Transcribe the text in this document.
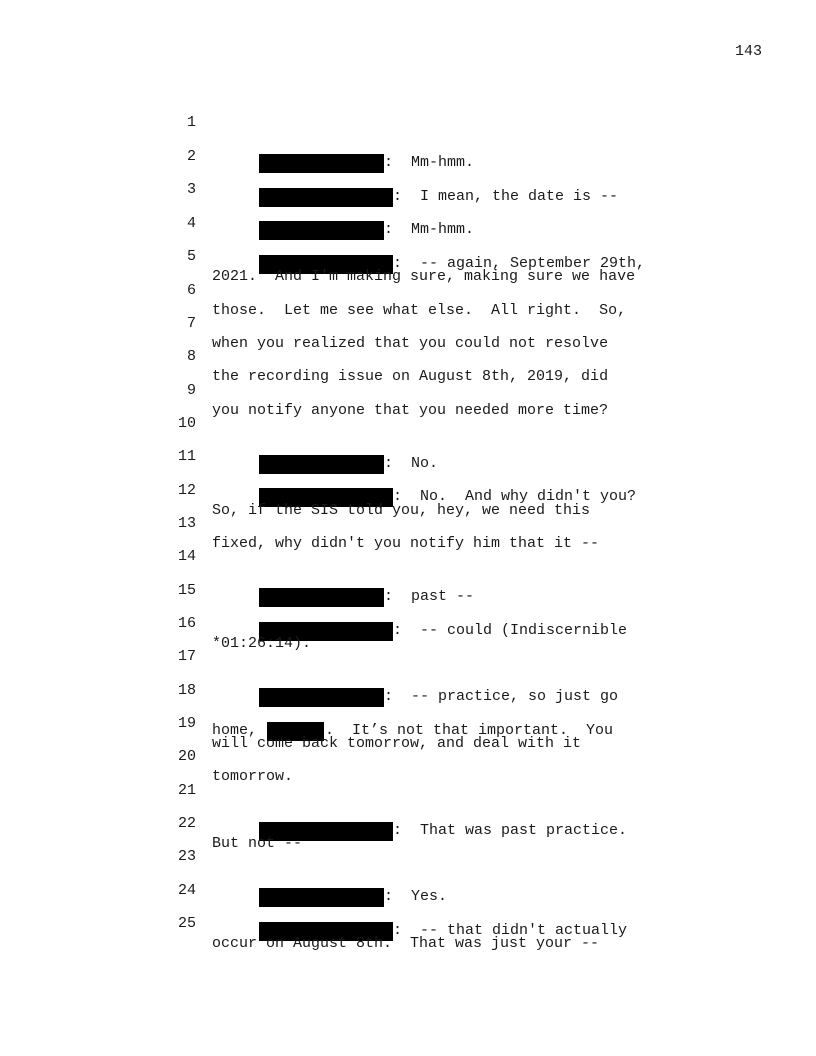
143

1

:  Mm-hmm.

2

:  I mean, the date is --

3

:  Mm-hmm.

4

:  -- again, September 29th,

5

2021.  And I'm making sure, making sure we have

6

those.  Let me see what else.  All right.  So,

7

when you realized that you could not resolve

8

the recording issue on August 8th, 2019, did

9

you notify anyone that you needed more time?

10

:  No.

11

:  No.  And why didn't you?

12

So, if the SIS told you, hey, we need this

13

fixed, why didn't you notify him that it --

14

:  past --

15

:  -- could (Indiscernible

16

*01:26:14).

17

:  -- practice, so just go

18

home,	.  It’s not that important.  You

19

will come back tomorrow, and deal with it

20

tomorrow.

21

:  That was past practice.

22

But not --

23

:  Yes.

24

:  -- that didn't actually

25

occur on August 8th.  That was just your --
